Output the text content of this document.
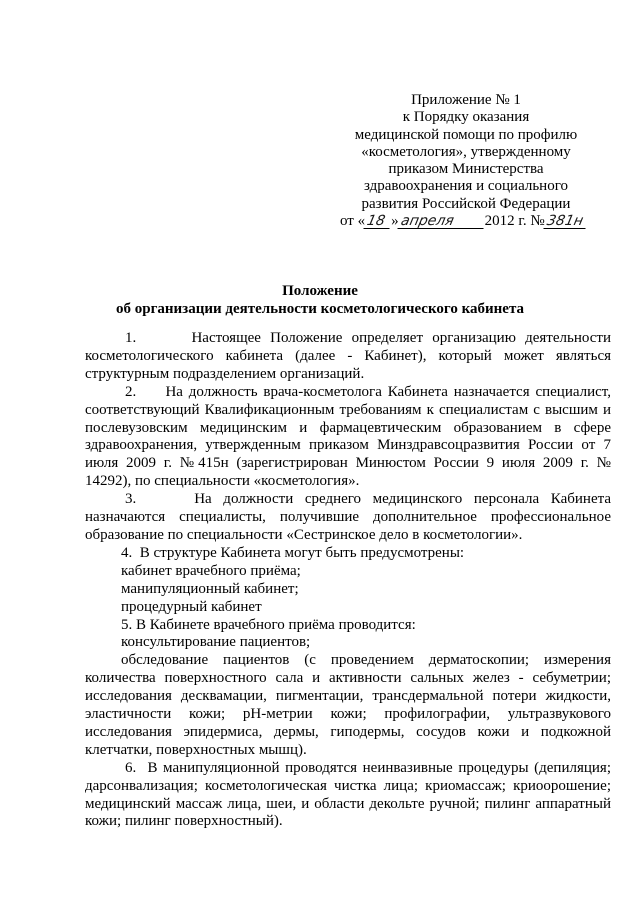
Приложение № 1
к Порядку оказания
медицинской помощи по профилю
«косметология», утвержденному
приказом Министерства
здравоохранения и социального
развития Российской Федерации
от «18 »апреля 2012 г. №381н
Положение
об организации деятельности косметологического кабинета

1.      Настоящее Положение определяет организацию деятельности косметологического кабинета (далее - Кабинет), который может являться структурным подразделением организаций.

2.     На должность врача-косметолога Кабинета назначается специалист, соответствующий Квалификационным требованиям к специалистам с высшим и послевузовским медицинским и фармацевтическим образованием в сфере здравоохранения, утвержденным приказом Минздравсоцразвития России от 7 июля 2009 г. №415н (зарегистрирован Минюстом России 9 июля 2009 г. № 14292), по специальности «косметология».

3.     На должности среднего медицинского персонала Кабинета назначаются специалисты, получившие дополнительное профессиональное образование по специальности «Сестринское дело в косметологии».

4.  В структуре Кабинета могут быть предусмотрены:

кабинет врачебного приёма;

манипуляционный кабинет;

процедурный кабинет

5. В Кабинете врачебного приёма проводится:

консультирование пациентов;

обследование пациентов (с проведением дерматоскопии; измерения количества поверхностного сала и активности сальных желез - себуметрии; исследования десквамации, пигментации, трансдермальной потери жидкости, эластичности кожи; pH-метрии кожи; профилографии, ультразвукового исследования эпидермиса, дермы, гиподермы, сосудов кожи и подкожной клетчатки, поверхностных мышц).

6.  В манипуляционной проводятся неинвазивные процедуры (депиляция; дарсонвализация; косметологическая чистка лица; криомассаж; криоорошение; медицинский массаж лица, шеи, и области декольте ручной; пилинг аппаратный кожи; пилинг поверхностный).
